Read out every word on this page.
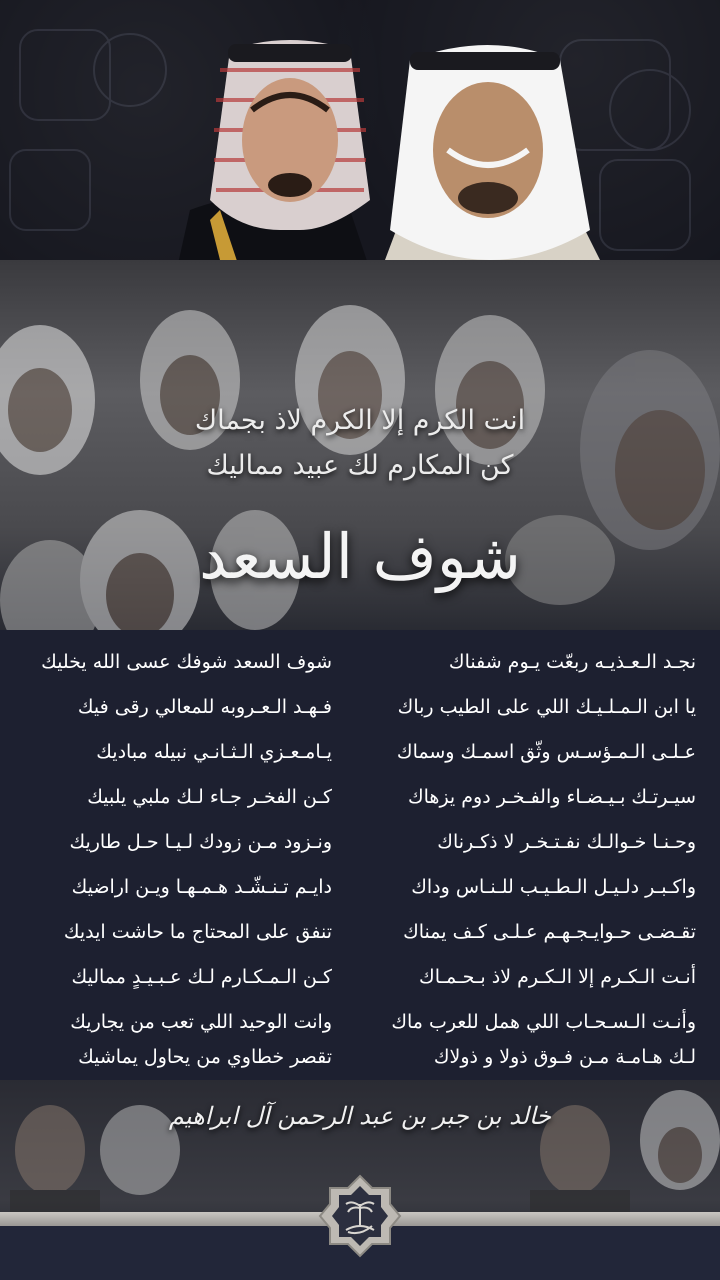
انت الكرم إلا الكرم لاذ بجماك
كن المكارم لك عبيد مماليك
شوف السعد
نجـد الـعـذيـه ربعّت يـوم شفناك
شوف السعد شوفك عسى الله يخليك
يا ابن الـمـلـيـك اللي على الطيب رباك
فـهـد الـعـروبه للمعالي رقى فيك
عـلـى الـمـؤسـس وثّق اسمـك وسماك
يـامـعـزي الـثـانـي نبيله مباديك
سيـرتـك بـيـضـاء والفـخـر دوم يزهاك
كـن الفخـر جـاء لـك ملبي يلبيك
وحـنـا خـوالـك نفـتـخـر لا ذكـرناك
ونـزود مـن زودك لـيـا حـل طاريك
واكـبـر دلـيـل الـطـيـب للـنـاس وداك
دايـم تـنـشّـد هـمـهـا ويـن اراضيك
تقـضـى حـوايـجـهـم عـلـى كـف يمناك
تنفق على المحتاج ما حاشت ايديك
أنـت الـكـرم إلا الـكـرم لاذ بـحـمـاك
كـن الـمـكـارم لـك عـبـيـدٍ مماليك
وأنـت الـسـحـاب اللي همل للعرب ماك
وانت الوحيد اللي تعب من يجاريك
لـك هـامـة مـن فـوق ذولا و ذولاك
تقصر خطاوي من يحاول يماشيك
خالد بن جبر بن عبد الرحمن آل ابراهيم
